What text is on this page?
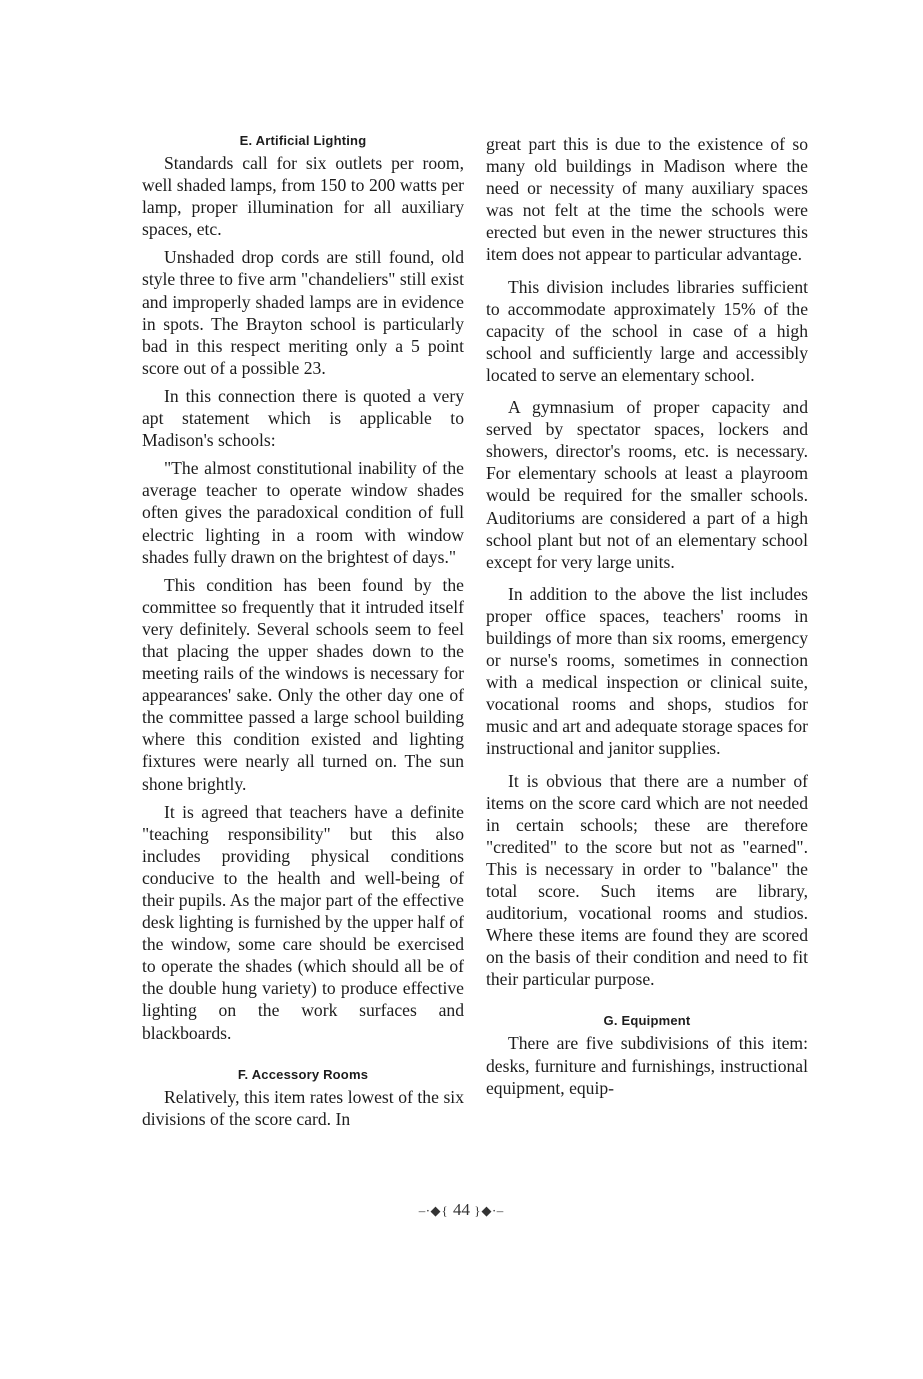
E. Artificial Lighting

Standards call for six outlets per room, well shaded lamps, from 150 to 200 watts per lamp, proper illumination for all auxiliary spaces, etc.

Unshaded drop cords are still found, old style three to five arm "chandeliers" still exist and improperly shaded lamps are in evidence in spots. The Brayton school is particularly bad in this respect meriting only a 5 point score out of a possible 23.

In this connection there is quoted a very apt statement which is applicable to Madison's schools:

"The almost constitutional inability of the average teacher to operate window shades often gives the paradoxical condition of full electric lighting in a room with window shades fully drawn on the brightest of days."

This condition has been found by the committee so frequently that it intruded itself very definitely. Several schools seem to feel that placing the upper shades down to the meeting rails of the windows is necessary for appearances' sake. Only the other day one of the committee passed a large school building where this condition existed and lighting fixtures were nearly all turned on. The sun shone brightly.

It is agreed that teachers have a definite "teaching responsibility" but this also includes providing physical conditions conducive to the health and well-being of their pupils. As the major part of the effective desk lighting is furnished by the upper half of the window, some care should be exercised to operate the shades (which should all be of the double hung variety) to produce effective lighting on the work surfaces and blackboards.

F. Accessory Rooms

Relatively, this item rates lowest of the six divisions of the score card. In

great part this is due to the existence of so many old buildings in Madison where the need or necessity of many auxiliary spaces was not felt at the time the schools were erected but even in the newer structures this item does not appear to particular advantage.

This division includes libraries sufficient to accommodate approximately 15% of the capacity of the school in case of a high school and sufficiently large and accessibly located to serve an elementary school.

A gymnasium of proper capacity and served by spectator spaces, lockers and showers, director's rooms, etc. is necessary. For elementary schools at least a playroom would be required for the smaller schools. Auditoriums are considered a part of a high school plant but not of an elementary school except for very large units.

In addition to the above the list includes proper office spaces, teachers' rooms in buildings of more than six rooms, emergency or nurse's rooms, sometimes in connection with a medical inspection or clinical suite, vocational rooms and shops, studios for music and art and adequate storage spaces for instructional and janitor supplies.

It is obvious that there are a number of items on the score card which are not needed in certain schools; these are therefore "credited" to the score but not as "earned". This is necessary in order to "balance" the total score. Such items are library, auditorium, vocational rooms and studios. Where these items are found they are scored on the basis of their condition and need to fit their particular purpose.

G. Equipment

There are five subdivisions of this item: desks, furniture and furnishings, instructional equipment, equip-

–∙◆{ 44 }◆∙–
